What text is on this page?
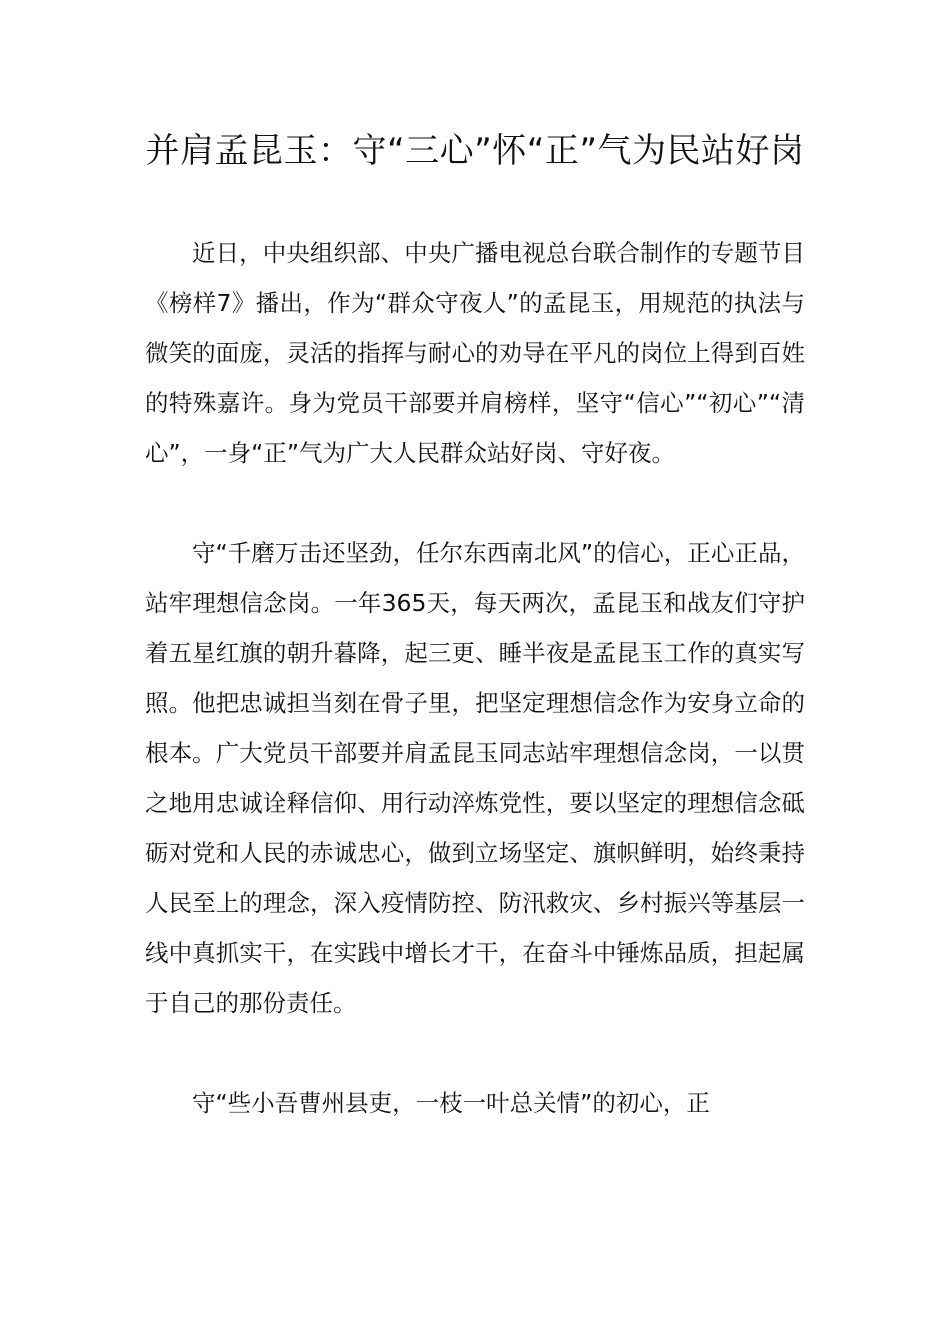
并肩孟昆玉：守“三心”怀“正”气为民站好岗

近日，中央组织部、中央广播电视总台联合制作的专题节目《榜样7》播出，作为“群众守夜人”的孟昆玉，用规范的执法与微笑的面庞，灵活的指挥与耐心的劝导在平凡的岗位上得到百姓的特殊嘉许。身为党员干部要并肩榜样，坚守“信心”“初心”“清心”，一身“正”气为广大人民群众站好岗、守好夜。

守“千磨万击还坚劲，任尔东西南北风”的信心，正心正品，站牢理想信念岗。一年365天，每天两次，孟昆玉和战友们守护着五星红旗的朝升暮降，起三更、睡半夜是孟昆玉工作的真实写照。他把忠诚担当刻在骨子里，把坚定理想信念作为安身立命的根本。广大党员干部要并肩孟昆玉同志站牢理想信念岗，一以贯之地用忠诚诠释信仰、用行动淬炼党性，要以坚定的理想信念砥砺对党和人民的赤诚忠心，做到立场坚定、旗帜鲜明，始终秉持人民至上的理念，深入疫情防控、防汛救灾、乡村振兴等基层一线中真抓实干，在实践中增长才干，在奋斗中锤炼品质，担起属于自己的那份责任。

守“些小吾曹州县吏，一枝一叶总关情”的初心，正
